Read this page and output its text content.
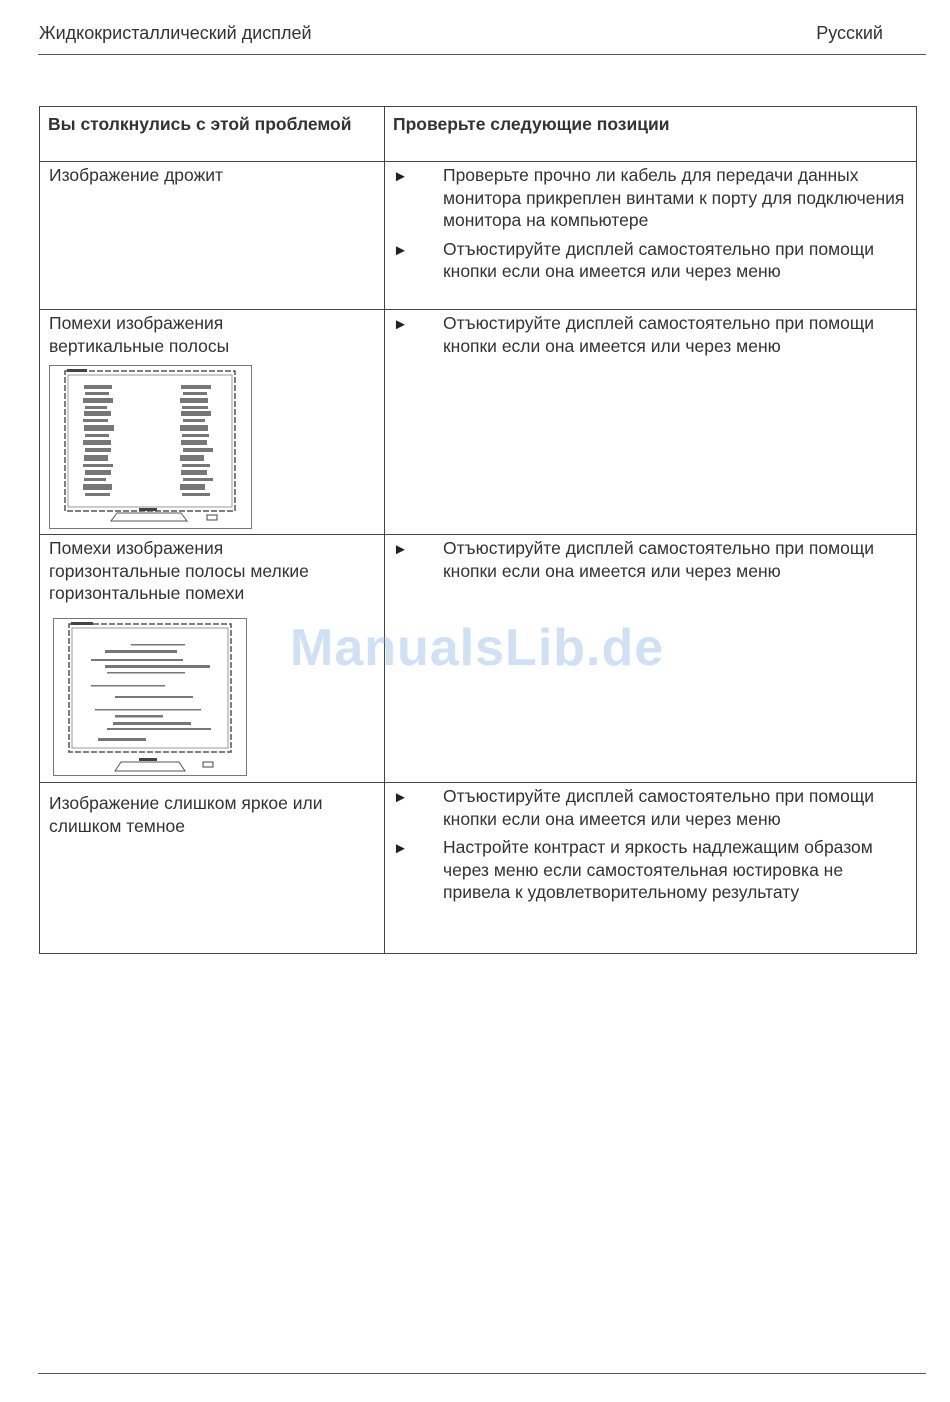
Жидкокристаллический дисплей	Русский
Вы столкнулись с этой проблемой	Проверьте следующие позиции

Изображение дрожит	► Проверьте прочно ли кабель для передачи данных монитора прикреплен винтами к порту для подключения монитора на компьютере
► Отъюстируйте дисплей самостоятельно при помощи кнопки если она имеется или через меню

Помехи изображения
вертикальные полосы	► Отъюстируйте дисплей самостоятельно при помощи кнопки если она имеется или через меню

Помехи изображения
горизонтальные полосы мелкие горизонтальные помехи	► Отъюстируйте дисплей самостоятельно при помощи кнопки если она имеется или через меню

Изображение слишком яркое или слишком темное	► Отъюстируйте дисплей самостоятельно при помощи кнопки если она имеется или через меню
► Настройте контраст и яркость надлежащим образом через меню если самостоятельная юстировка не привела к удовлетворительному результату
ManualsLib.de
